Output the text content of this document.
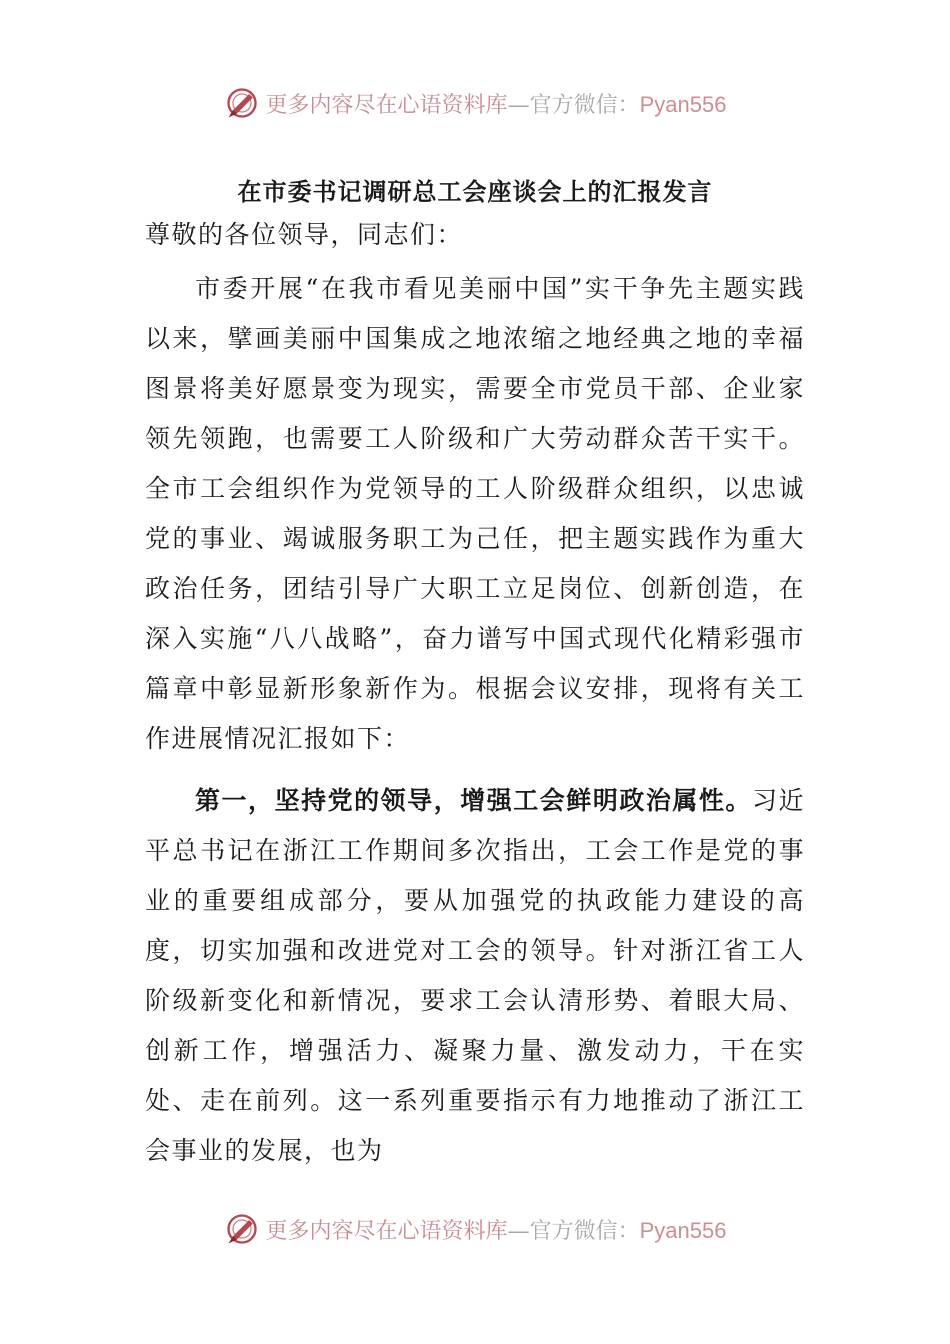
更多内容尽在心语资料库—官方微信：Pyan556
在市委书记调研总工会座谈会上的汇报发言

尊敬的各位领导，同志们：

市委开展“在我市看见美丽中国”实干争先主题实践以来，擘画美丽中国集成之地浓缩之地经典之地的幸福图景将美好愿景变为现实，需要全市党员干部、企业家领先领跑，也需要工人阶级和广大劳动群众苦干实干。全市工会组织作为党领导的工人阶级群众组织，以忠诚党的事业、竭诚服务职工为己任，把主题实践作为重大政治任务，团结引导广大职工立足岗位、创新创造，在深入实施“八八战略”，奋力谱写中国式现代化精彩强市篇章中彰显新形象新作为。根据会议安排，现将有关工作进展情况汇报如下：

第一，坚持党的领导，增强工会鲜明政治属性。习近平总书记在浙江工作期间多次指出，工会工作是党的事业的重要组成部分，要从加强党的执政能力建设的高度，切实加强和改进党对工会的领导。针对浙江省工人阶级新变化和新情况，要求工会认清形势、着眼大局、创新工作，增强活力、凝聚力量、激发动力，干在实处、走在前列。这一系列重要指示有力地推动了浙江工会事业的发展，也为

更多内容尽在心语资料库—官方微信：Pyan556
